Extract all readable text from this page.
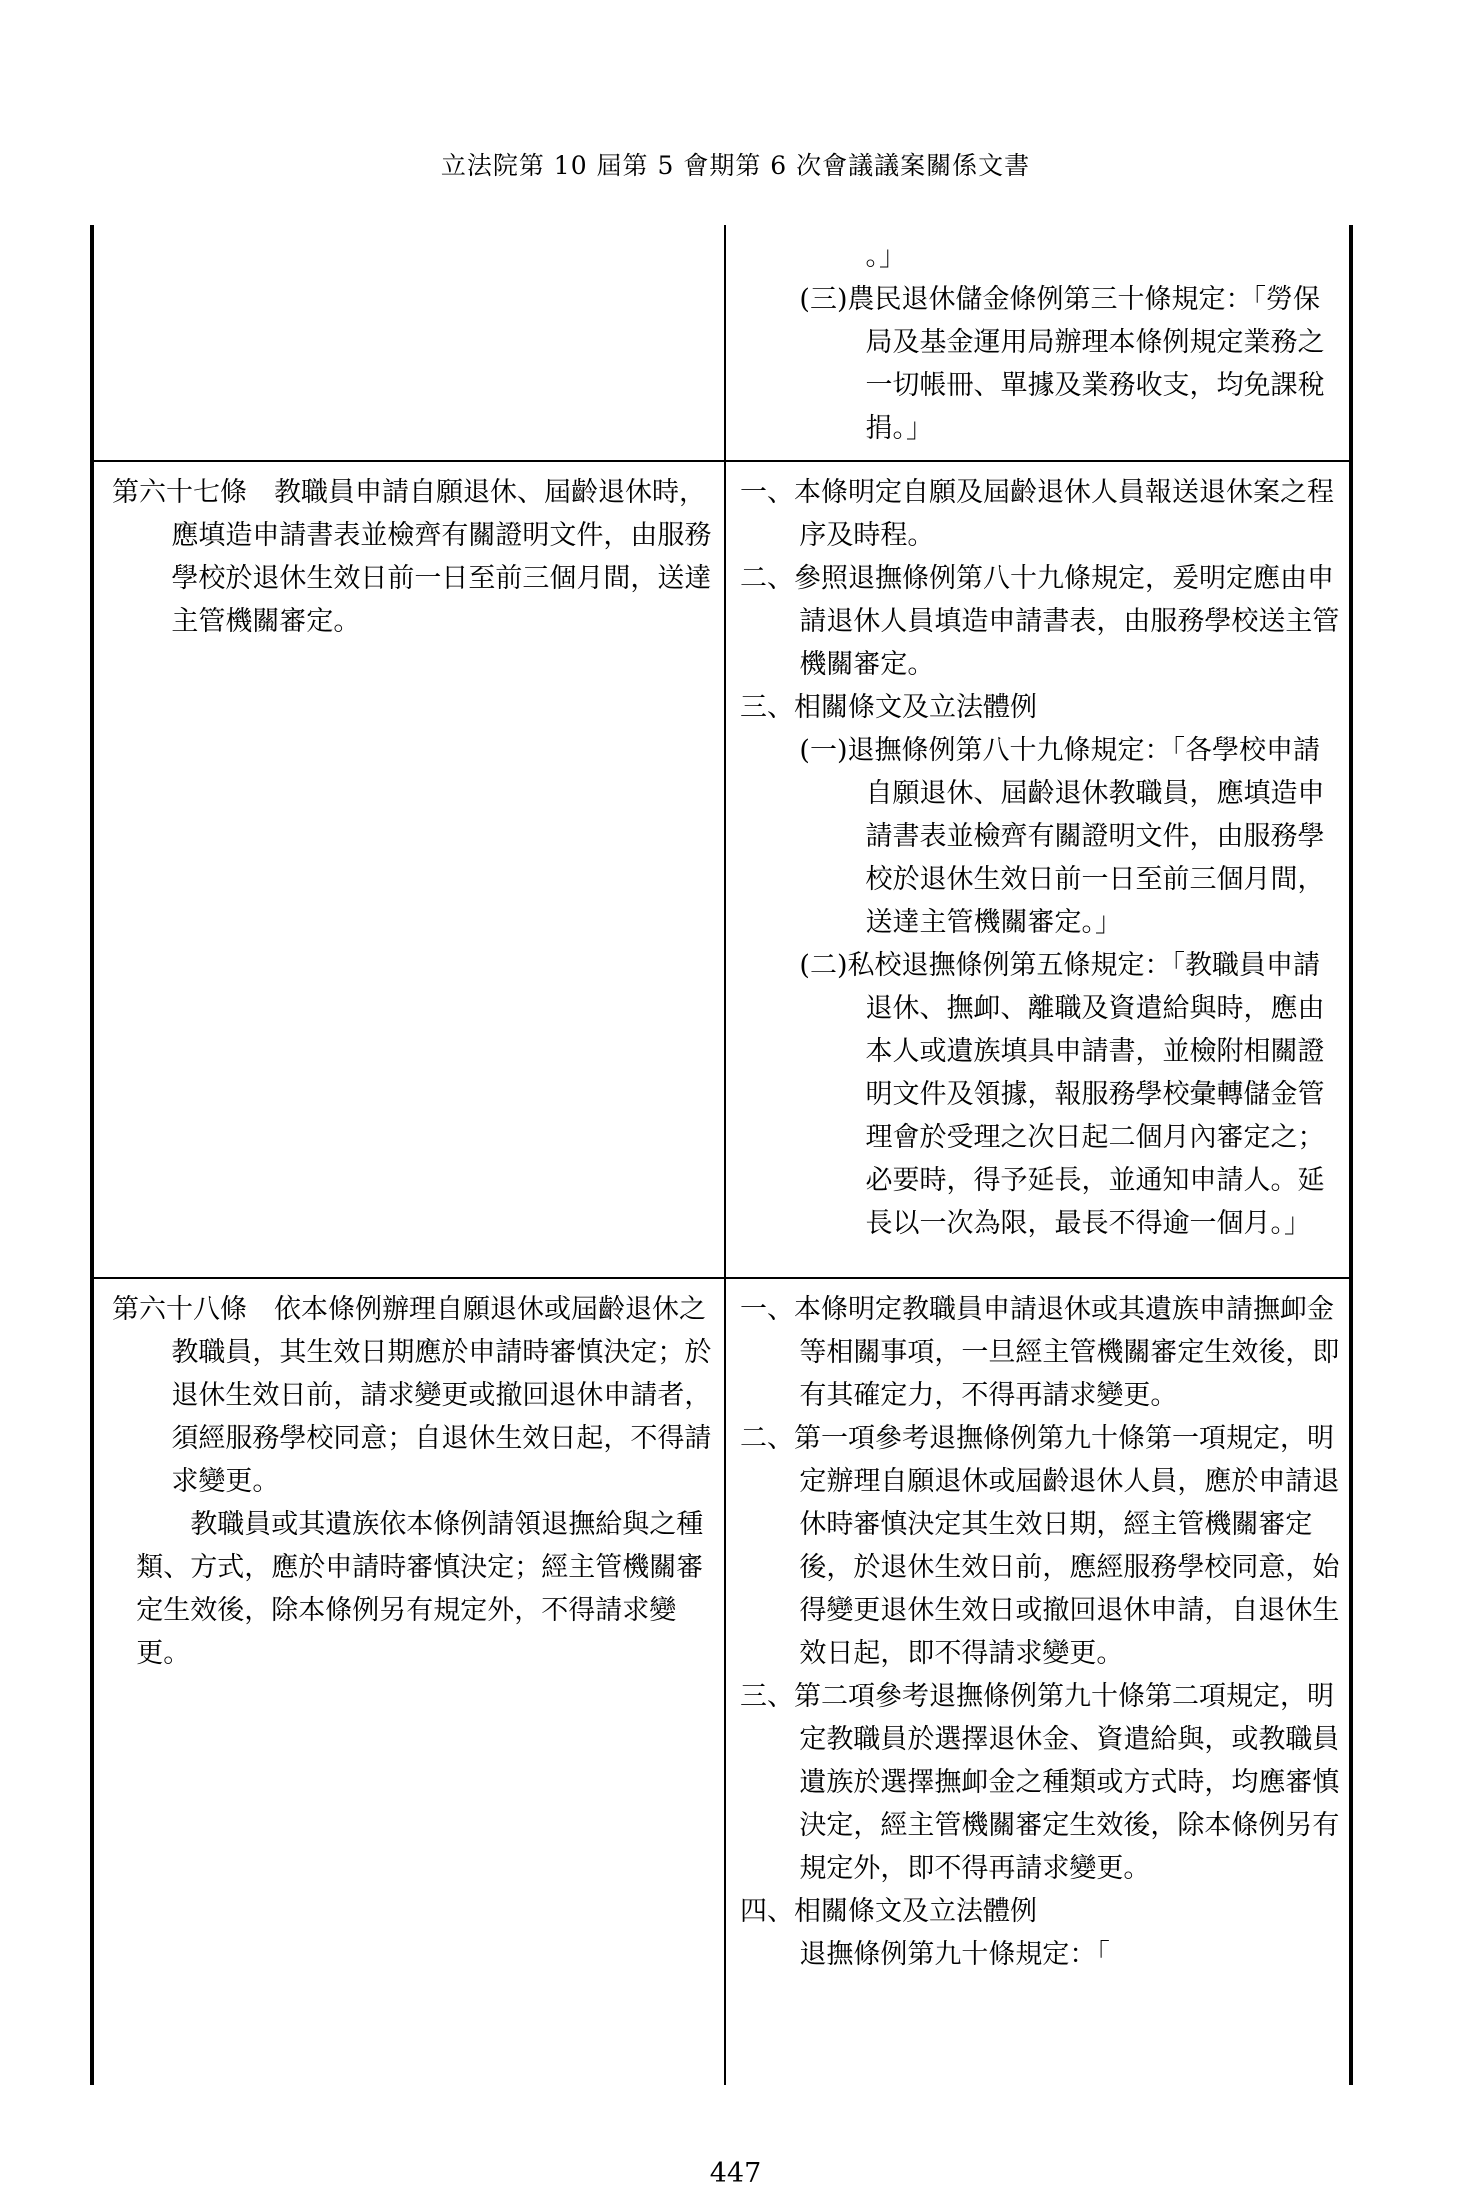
立法院第 10 屆第 5 會期第 6 次會議議案關係文書

。」

(三)農民退休儲金條例第三十條規定：「勞保局及基金運用局辦理本條例規定業務之一切帳冊、單據及業務收支，均免課稅捐。」

第六十七條　教職員申請自願退休、屆齡退休時，應填造申請書表並檢齊有關證明文件，由服務學校於退休生效日前一日至前三個月間，送達主管機關審定。

一、本條明定自願及屆齡退休人員報送退休案之程序及時程。

二、參照退撫條例第八十九條規定，爰明定應由申請退休人員填造申請書表，由服務學校送主管機關審定。

三、相關條文及立法體例

(一)退撫條例第八十九條規定：「各學校申請自願退休、屆齡退休教職員，應填造申請書表並檢齊有關證明文件，由服務學校於退休生效日前一日至前三個月間，送達主管機關審定。」

(二)私校退撫條例第五條規定：「教職員申請退休、撫卹、離職及資遣給與時，應由本人或遺族填具申請書，並檢附相關證明文件及領據，報服務學校彙轉儲金管理會於受理之次日起二個月內審定之；必要時，得予延長，並通知申請人。延長以一次為限，最長不得逾一個月。」

第六十八條　依本條例辦理自願退休或屆齡退休之教職員，其生效日期應於申請時審慎決定；於退休生效日前，請求變更或撤回退休申請者，須經服務學校同意；自退休生效日起，不得請求變更。

教職員或其遺族依本條例請領退撫給與之種類、方式，應於申請時審慎決定；經主管機關審定生效後，除本條例另有規定外，不得請求變更。

一、本條明定教職員申請退休或其遺族申請撫卹金等相關事項，一旦經主管機關審定生效後，即有其確定力，不得再請求變更。

二、第一項參考退撫條例第九十條第一項規定，明定辦理自願退休或屆齡退休人員，應於申請退休時審慎決定其生效日期，經主管機關審定後，於退休生效日前，應經服務學校同意，始得變更退休生效日或撤回退休申請，自退休生效日起，即不得請求變更。

三、第二項參考退撫條例第九十條第二項規定，明定教職員於選擇退休金、資遣給與，或教職員遺族於選擇撫卹金之種類或方式時，均應審慎決定，經主管機關審定生效後，除本條例另有規定外，即不得再請求變更。

四、相關條文及立法體例

退撫條例第九十條規定：「

447
